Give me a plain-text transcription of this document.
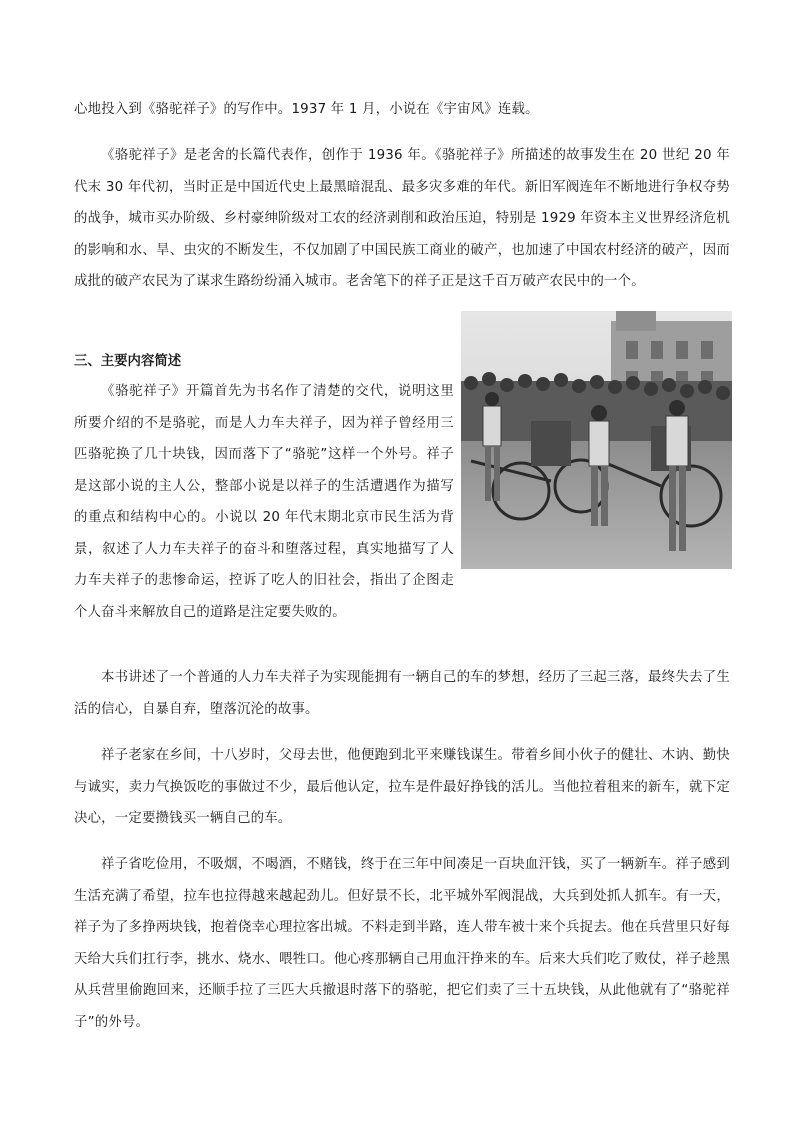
心地投入到《骆驼祥子》的写作中。1937 年 1 月，小说在《宇宙风》连载。

《骆驼祥子》是老舍的长篇代表作，创作于 1936 年。《骆驼祥子》所描述的故事发生在 20 世纪 20 年代末 30 年代初，当时正是中国近代史上最黑暗混乱、最多灾多难的年代。新旧军阀连年不断地进行争权夺势的战争，城市买办阶级、乡村豪绅阶级对工农的经济剥削和政治压迫，特别是 1929 年资本主义世界经济危机的影响和水、旱、虫灾的不断发生，不仅加剧了中国民族工商业的破产，也加速了中国农村经济的破产，因而成批的破产农民为了谋求生路纷纷涌入城市。老舍笔下的祥子正是这千百万破产农民中的一个。

三、主要内容简述

《骆驼祥子》开篇首先为书名作了清楚的交代，说明这里所要介绍的不是骆驼，而是人力车夫祥子，因为祥子曾经用三匹骆驼换了几十块钱，因而落下了“骆驼”这样一个外号。祥子是这部小说的主人公，整部小说是以祥子的生活遭遇作为描写的重点和结构中心的。小说以 20 年代末期北京市民生活为背景，叙述了人力车夫祥子的奋斗和堕落过程，真实地描写了人力车夫祥子的悲惨命运，控诉了吃人的旧社会，指出了企图走个人奋斗来解放自己的道路是注定要失败的。

本书讲述了一个普通的人力车夫祥子为实现能拥有一辆自己的车的梦想，经历了三起三落，最终失去了生活的信心，自暴自弃，堕落沉沦的故事。

祥子老家在乡间，十八岁时，父母去世，他便跑到北平来赚钱谋生。带着乡间小伙子的健壮、木讷、勤快与诚实，卖力气换饭吃的事做过不少，最后他认定，拉车是件最好挣钱的活儿。当他拉着租来的新车，就下定决心，一定要攒钱买一辆自己的车。

祥子省吃俭用，不吸烟，不喝酒，不赌钱，终于在三年中间凑足一百块血汗钱，买了一辆新车。祥子感到生活充满了希望，拉车也拉得越来越起劲儿。但好景不长，北平城外军阀混战，大兵到处抓人抓车。有一天，祥子为了多挣两块钱，抱着侥幸心理拉客出城。不料走到半路，连人带车被十来个兵捉去。他在兵营里只好每天给大兵们扛行李，挑水、烧水、喂牲口。他心疼那辆自己用血汗挣来的车。后来大兵们吃了败仗，祥子趁黑从兵营里偷跑回来，还顺手拉了三匹大兵撤退时落下的骆驼，把它们卖了三十五块钱，从此他就有了“骆驼祥子”的外号。
